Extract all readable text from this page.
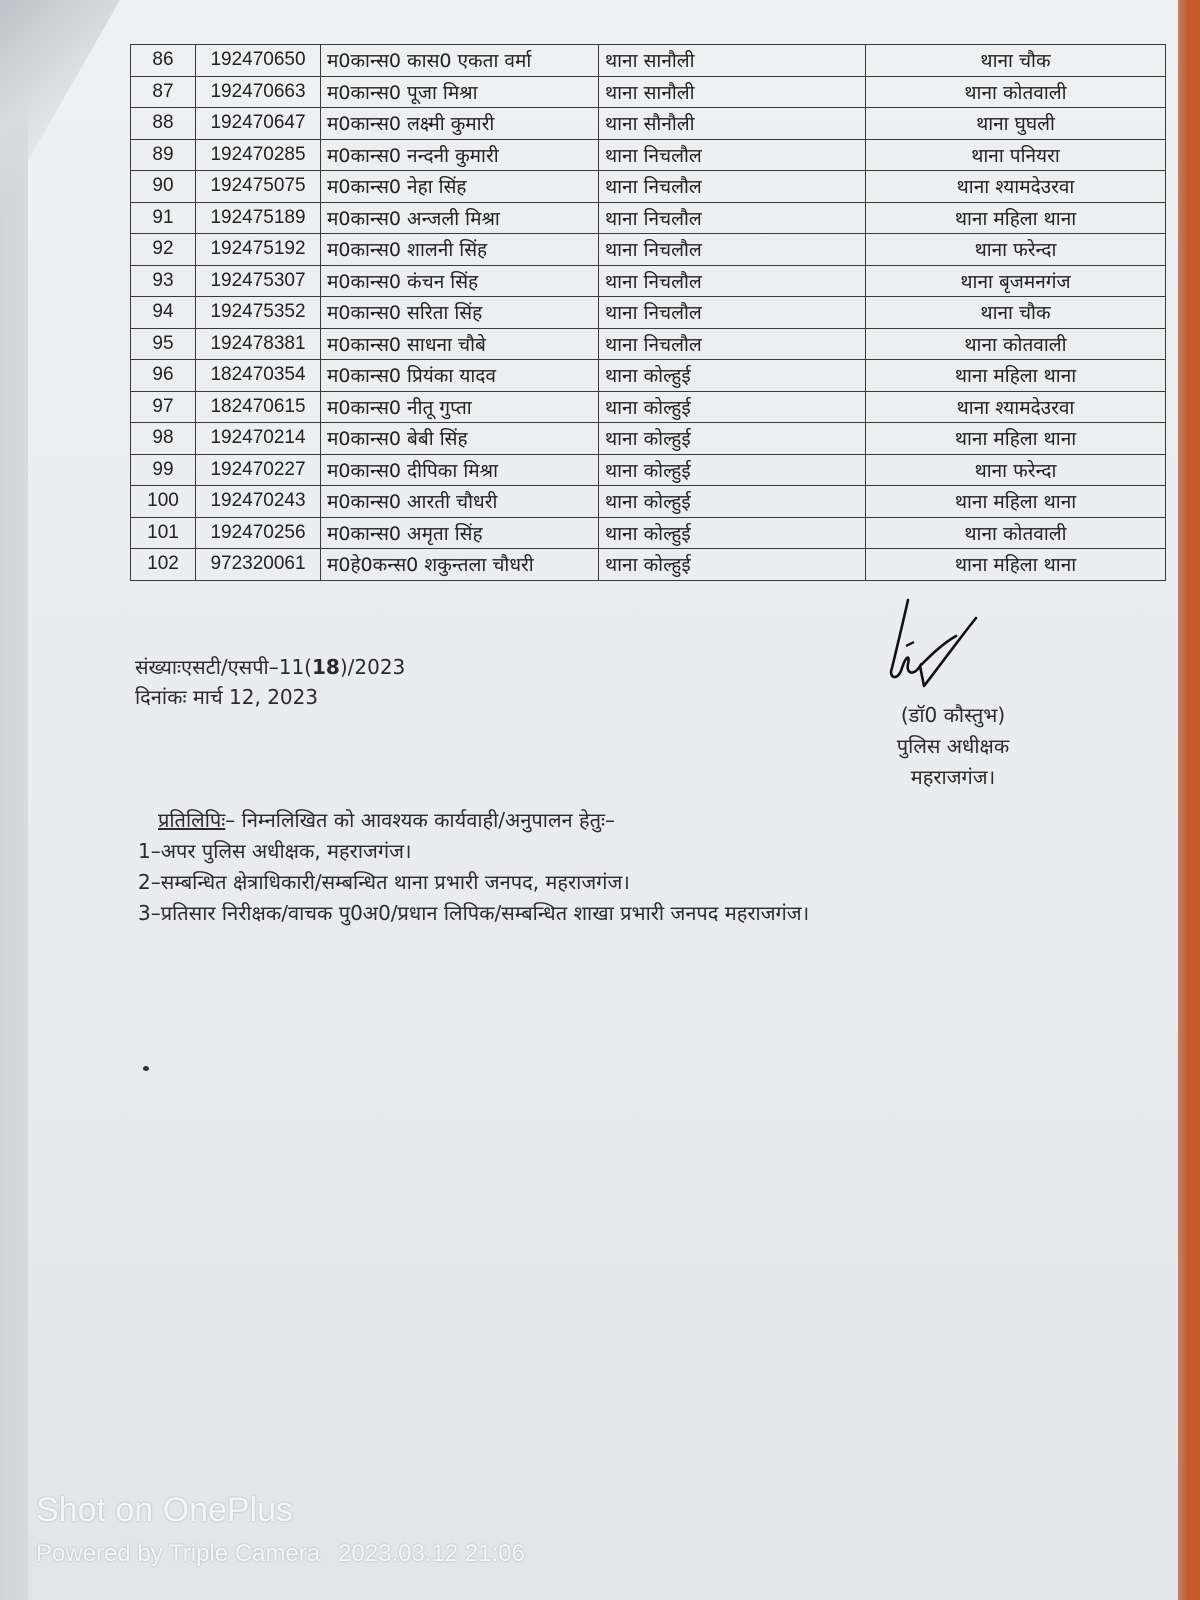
86	192470650	म0कान्स0 कास0 एकता वर्मा	थाना सानौली	थाना चौक
87	192470663	म0कान्स0 पूजा मिश्रा	थाना सानौली	थाना कोतवाली
88	192470647	म0कान्स0 लक्ष्मी कुमारी	थाना सौनौली	थाना घुघली
89	192470285	म0कान्स0 नन्दनी कुमारी	थाना निचलौल	थाना पनियरा
90	192475075	म0कान्स0 नेहा सिंह	थाना निचलौल	थाना श्यामदेउरवा
91	192475189	म0कान्स0 अन्जली मिश्रा	थाना निचलौल	थाना महिला थाना
92	192475192	म0कान्स0 शालनी सिंह	थाना निचलौल	थाना फरेन्दा
93	192475307	म0कान्स0 कंचन सिंह	थाना निचलौल	थाना बृजमनगंज
94	192475352	म0कान्स0 सरिता सिंह	थाना निचलौल	थाना चौक
95	192478381	म0कान्स0 साधना चौबे	थाना निचलौल	थाना कोतवाली
96	182470354	म0कान्स0 प्रियंका यादव	थाना कोल्हुई	थाना महिला थाना
97	182470615	म0कान्स0 नीतू गुप्ता	थाना कोल्हुई	थाना श्यामदेउरवा
98	192470214	म0कान्स0 बेबी सिंह	थाना कोल्हुई	थाना महिला थाना
99	192470227	म0कान्स0 दीपिका मिश्रा	थाना कोल्हुई	थाना फरेन्दा
100	192470243	म0कान्स0 आरती चौधरी	थाना कोल्हुई	थाना महिला थाना
101	192470256	म0कान्स0 अमृता सिंह	थाना कोल्हुई	थाना कोतवाली
102	972320061	म0हे0कन्स0 शकुन्तला चौधरी	थाना कोल्हुई	थाना महिला थाना
संख्याःएसटी/एसपी–11(18)/2023
दिनांकः मार्च 12, 2023
(डॉ0 कौस्तुभ)
पुलिस अधीक्षक
महराजगंज।
प्रतिलिपिः– निम्नलिखित को आवश्यक कार्यवाही/अनुपालन हेतुः–
1–अपर पुलिस अधीक्षक, महराजगंज।
2–सम्बन्धित क्षेत्राधिकारी/सम्बन्धित थाना प्रभारी जनपद, महराजगंज।
3–प्रतिसार निरीक्षक/वाचक पु0अ0/प्रधान लिपिक/सम्बन्धित शाखा प्रभारी जनपद महराजगंज।
Shot on OnePlus
Powered by Triple Camera 2023.03.12 21:06
